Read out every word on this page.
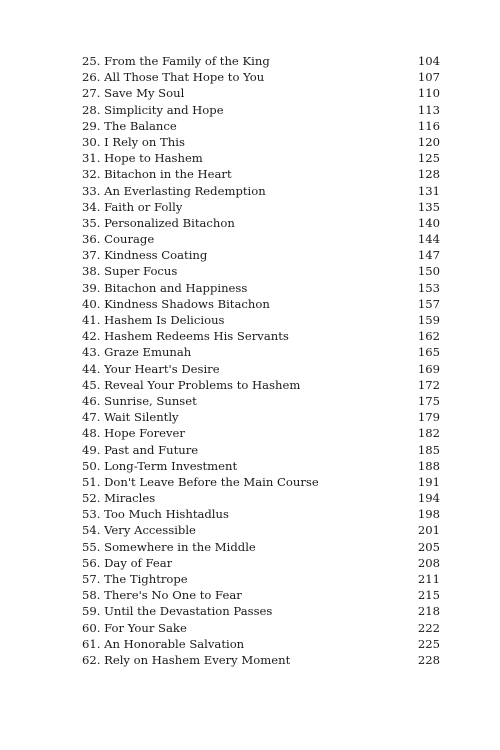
25. From the Family of the King	104
26. All Those That Hope to You	107
27. Save My Soul	110
28. Simplicity and Hope	113
29. The Balance	116
30. I Rely on This	120
31. Hope to Hashem	125
32. Bitachon in the Heart	128
33. An Everlasting Redemption	131
34. Faith or Folly	135
35. Personalized Bitachon	140
36. Courage	144
37. Kindness Coating	147
38. Super Focus	150
39. Bitachon and Happiness	153
40. Kindness Shadows Bitachon	157
41. Hashem Is Delicious	159
42. Hashem Redeems His Servants	162
43. Graze Emunah	165
44. Your Heart's Desire	169
45. Reveal Your Problems to Hashem	172
46. Sunrise, Sunset	175
47. Wait Silently	179
48. Hope Forever	182
49. Past and Future	185
50. Long-Term Investment	188
51. Don't Leave Before the Main Course	191
52. Miracles	194
53. Too Much Hishtadlus	198
54. Very Accessible	201
55. Somewhere in the Middle	205
56. Day of Fear	208
57. The Tightrope	211
58. There's No One to Fear	215
59. Until the Devastation Passes	218
60. For Your Sake	222
61. An Honorable Salvation	225
62. Rely on Hashem Every Moment	228
